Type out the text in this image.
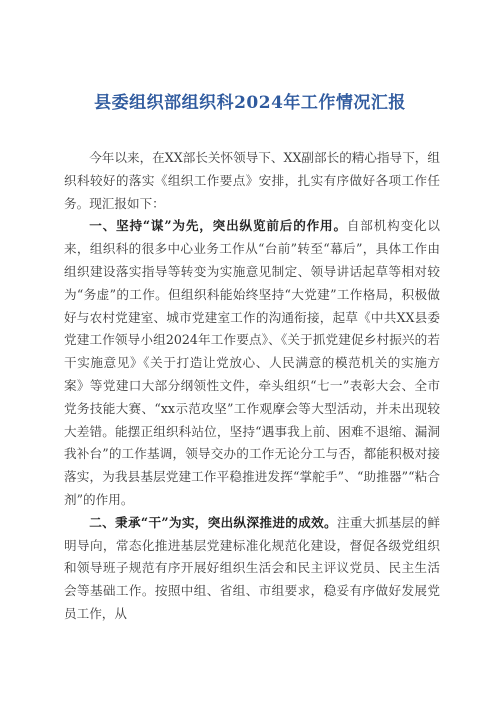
县委组织部组织科2024年工作情况汇报

今年以来，在XX部长关怀领导下、XX副部长的精心指导下，组织科较好的落实《组织工作要点》安排，扎实有序做好各项工作任务。现汇报如下：

一、坚持“谋”为先，突出纵览前后的作用。自部机构变化以来，组织科的很多中心业务工作从“台前”转至“幕后”，具体工作由组织建设落实指导等转变为实施意见制定、领导讲话起草等相对较为“务虚”的工作。但组织科能始终坚持“大党建”工作格局，积极做好与农村党建室、城市党建室工作的沟通衔接，起草《中共XX县委党建工作领导小组2024年工作要点》、《关于抓党建促乡村振兴的若干实施意见》《关于打造让党放心、人民满意的模范机关的实施方案》等党建口大部分纲领性文件，牵头组织“七一”表彰大会、全市党务技能大赛、“xx示范攻坚”工作观摩会等大型活动，并未出现较大差错。能摆正组织科站位，坚持“遇事我上前、困难不退缩、漏洞我补台”的工作基调，领导交办的工作无论分工与否，都能积极对接落实，为我县基层党建工作平稳推进发挥“掌舵手”、“助推器”“粘合剂”的作用。

二、秉承“干”为实，突出纵深推进的成效。注重大抓基层的鲜明导向，常态化推进基层党建标准化规范化建设，督促各级党组织和领导班子规范有序开展好组织生活会和民主评议党员、民主生活会等基础工作。按照中组、省组、市组要求，稳妥有序做好发展党员工作，从
